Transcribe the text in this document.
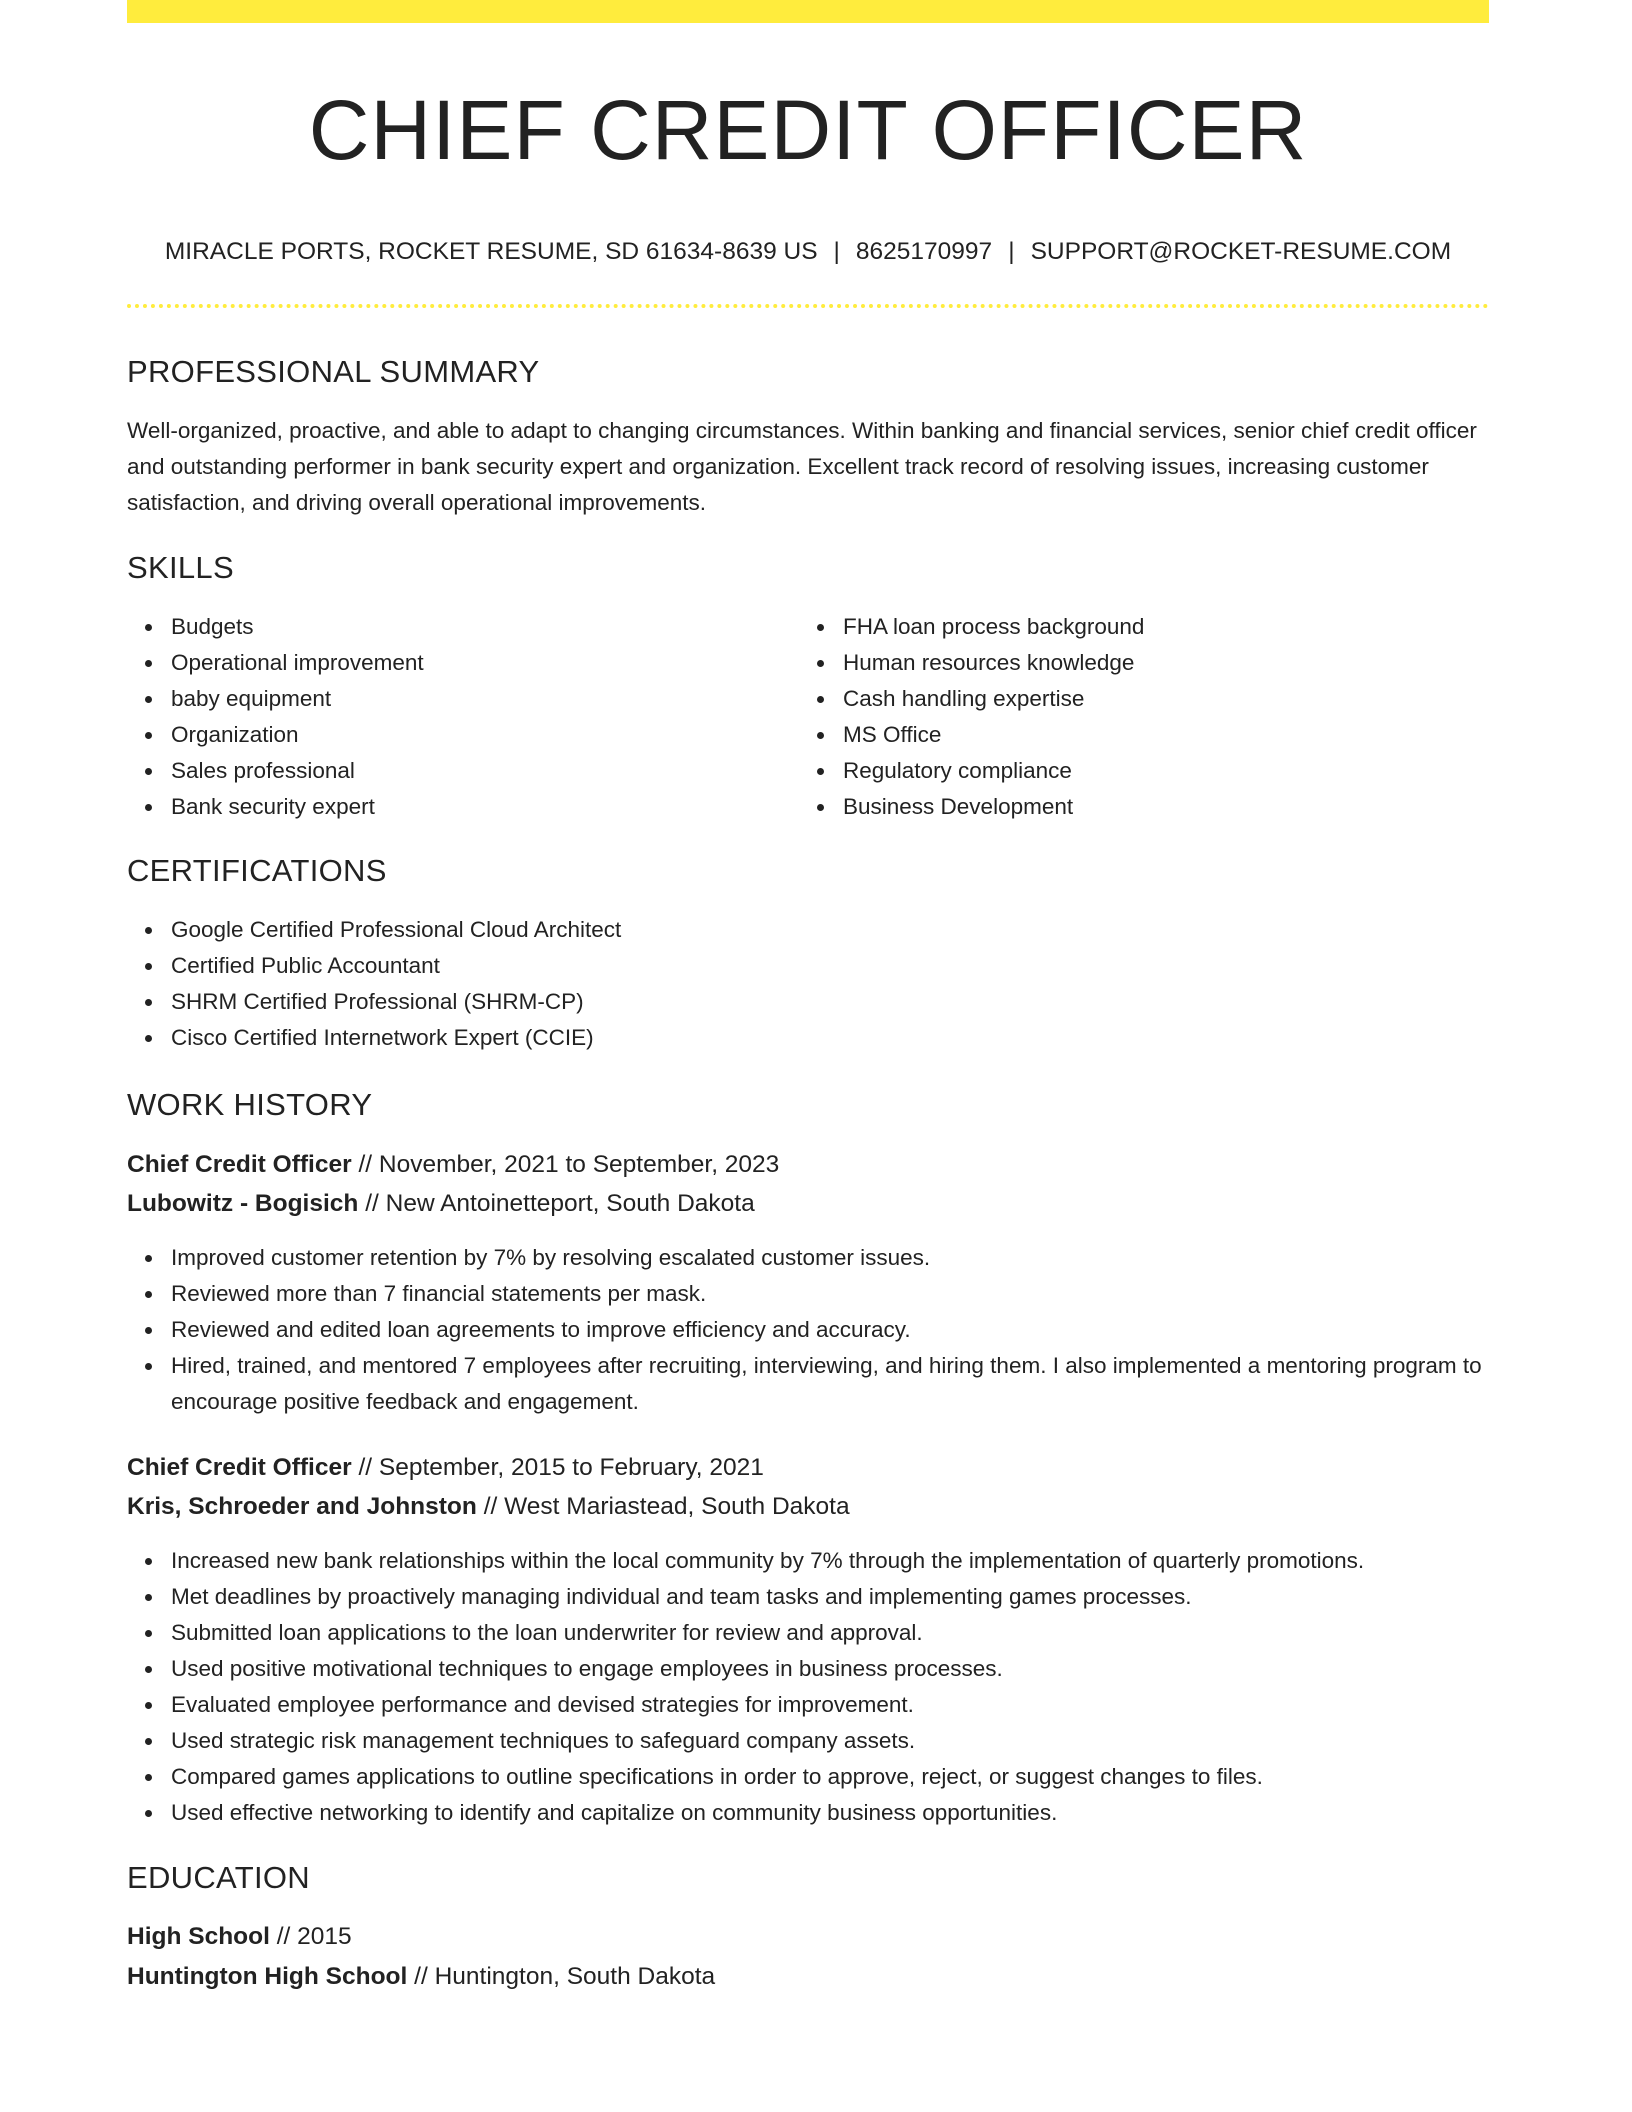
CHIEF CREDIT OFFICER
MIRACLE PORTS, ROCKET RESUME, SD 61634-8639 US | 8625170997 | SUPPORT@ROCKET-RESUME.COM
PROFESSIONAL SUMMARY

Well-organized, proactive, and able to adapt to changing circumstances. Within banking and financial services, senior chief credit officer and outstanding performer in bank security expert and organization. Excellent track record of resolving issues, increasing customer satisfaction, and driving overall operational improvements.

SKILLS
Budgets
Operational improvement
baby equipment
Organization
Sales professional
Bank security expert
FHA loan process background
Human resources knowledge
Cash handling expertise
MS Office
Regulatory compliance
Business Development
CERTIFICATIONS
Google Certified Professional Cloud Architect
Certified Public Accountant
SHRM Certified Professional (SHRM-CP)
Cisco Certified Internetwork Expert (CCIE)
WORK HISTORY
Chief Credit Officer // November, 2021 to September, 2023
Lubowitz - Bogisich // New Antoinetteport, South Dakota
Improved customer retention by 7% by resolving escalated customer issues.
Reviewed more than 7 financial statements per mask.
Reviewed and edited loan agreements to improve efficiency and accuracy.
Hired, trained, and mentored 7 employees after recruiting, interviewing, and hiring them. I also implemented a mentoring program to encourage positive feedback and engagement.
Chief Credit Officer // September, 2015 to February, 2021
Kris, Schroeder and Johnston // West Mariastead, South Dakota
Increased new bank relationships within the local community by 7% through the implementation of quarterly promotions.
Met deadlines by proactively managing individual and team tasks and implementing games processes.
Submitted loan applications to the loan underwriter for review and approval.
Used positive motivational techniques to engage employees in business processes.
Evaluated employee performance and devised strategies for improvement.
Used strategic risk management techniques to safeguard company assets.
Compared games applications to outline specifications in order to approve, reject, or suggest changes to files.
Used effective networking to identify and capitalize on community business opportunities.
EDUCATION
High School // 2015
Huntington High School // Huntington, South Dakota
